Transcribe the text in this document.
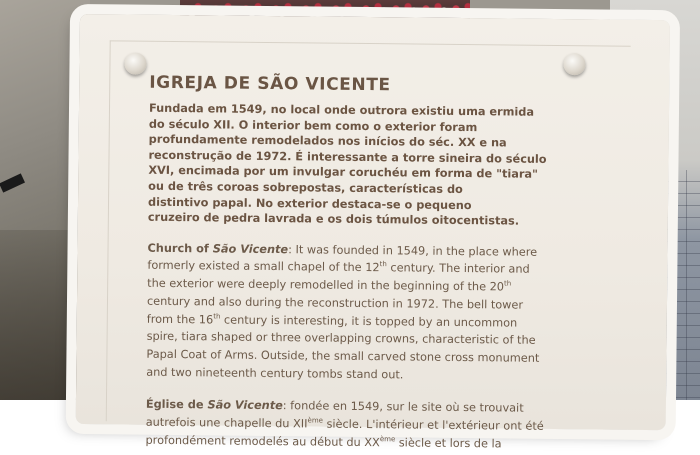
IGREJA DE SÃO VICENTE

Fundada em 1549, no local onde outrora existiu uma ermida
do século XII. O interior bem como o exterior foram
profundamente remodelados nos inícios do séc. XX e na
reconstrução de 1972. É interessante a torre sineira do século
XVI, encimada por um invulgar coruchéu em forma de "tiara"
ou de três coroas sobrepostas, características do
distintivo papal. No exterior destaca-se o pequeno
cruzeiro de pedra lavrada e os dois túmulos oitocentistas.

Church of São Vicente: It was founded in 1549, in the place where
formerly existed a small chapel of the 12th century. The interior and
the exterior were deeply remodelled in the beginning of the 20th
century and also during the reconstruction in 1972. The bell tower
from the 16th century is interesting, it is topped by an uncommon
spire, tiara shaped or three overlapping crowns, characteristic of the
Papal Coat of Arms. Outside, the small carved stone cross monument
and two nineteenth century tombs stand out.

Église de São Vicente: fondée en 1549, sur le site où se trouvait
autrefois une chapelle du XIIème siècle. L'intérieur et l'extérieur ont été
profondément remodelés au début du XXème siècle et lors de la
